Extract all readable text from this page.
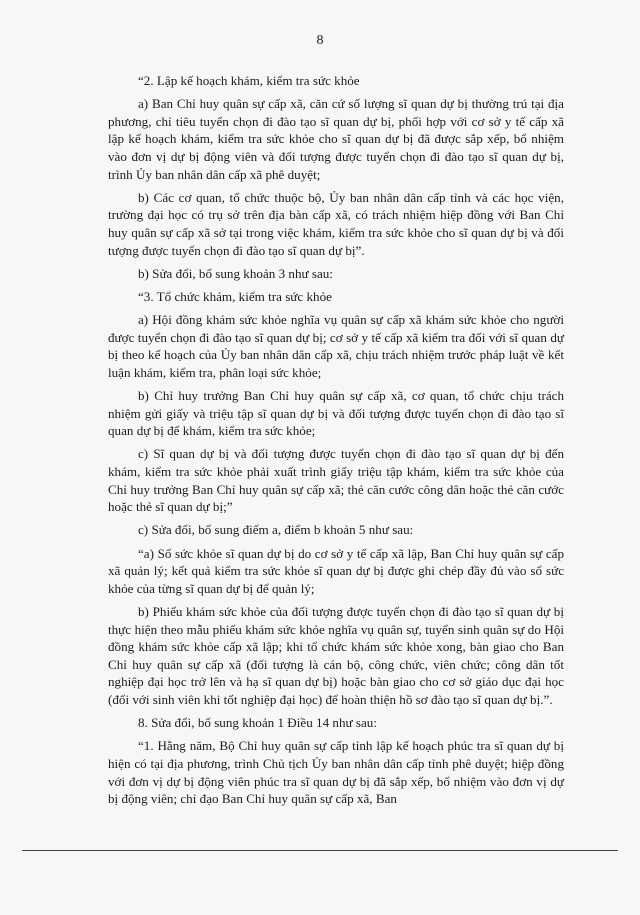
8

“2. Lập kế hoạch khám, kiểm tra sức khỏe

a) Ban Chỉ huy quân sự cấp xã, căn cứ số lượng sĩ quan dự bị thường trú tại địa phương, chỉ tiêu tuyển chọn đi đào tạo sĩ quan dự bị, phối hợp với cơ sở y tế cấp xã lập kế hoạch khám, kiểm tra sức khỏe cho sĩ quan dự bị đã được sắp xếp, bổ nhiệm vào đơn vị dự bị động viên và đối tượng được tuyển chọn đi đào tạo sĩ quan dự bị, trình Ủy ban nhân dân cấp xã phê duyệt;

b) Các cơ quan, tổ chức thuộc bộ, Ủy ban nhân dân cấp tỉnh và các học viện, trường đại học có trụ sở trên địa bàn cấp xã, có trách nhiệm hiệp đồng với Ban Chỉ huy quân sự cấp xã sở tại trong việc khám, kiểm tra sức khỏe cho sĩ quan dự bị và đối tượng được tuyển chọn đi đào tạo sĩ quan dự bị”.

b) Sửa đổi, bổ sung khoản 3 như sau:

“3. Tổ chức khám, kiểm tra sức khỏe

a) Hội đồng khám sức khỏe nghĩa vụ quân sự cấp xã khám sức khỏe cho người được tuyển chọn đi đào tạo sĩ quan dự bị; cơ sở y tế cấp xã kiểm tra đối với sĩ quan dự bị theo kế hoạch của Ủy ban nhân dân cấp xã, chịu trách nhiệm trước pháp luật về kết luận khám, kiểm tra, phân loại sức khỏe;

b) Chỉ huy trưởng Ban Chỉ huy quân sự cấp xã, cơ quan, tổ chức chịu trách nhiệm gửi giấy và triệu tập sĩ quan dự bị và đối tượng được tuyển chọn đi đào tạo sĩ quan dự bị để khám, kiểm tra sức khỏe;

c) Sĩ quan dự bị và đối tượng được tuyển chọn đi đào tạo sĩ quan dự bị đến khám, kiểm tra sức khỏe phải xuất trình giấy triệu tập khám, kiểm tra sức khỏe của Chỉ huy trưởng Ban Chỉ huy quân sự cấp xã; thẻ căn cước công dân hoặc thẻ căn cước hoặc thẻ sĩ quan dự bị;”

c) Sửa đổi, bổ sung điểm a, điểm b khoản 5 như sau:

“a) Sổ sức khỏe sĩ quan dự bị do cơ sở y tế cấp xã lập, Ban Chỉ huy quân sự cấp xã quản lý; kết quả kiểm tra sức khỏe sĩ quan dự bị được ghi chép đầy đủ vào sổ sức khỏe của từng sĩ quan dự bị để quản lý;

b) Phiếu khám sức khỏe của đối tượng được tuyển chọn đi đào tạo sĩ quan dự bị thực hiện theo mẫu phiếu khám sức khỏe nghĩa vụ quân sự, tuyển sinh quân sự do Hội đồng khám sức khỏe cấp xã lập; khi tổ chức khám sức khỏe xong, bàn giao cho Ban Chỉ huy quân sự cấp xã (đối tượng là cán bộ, công chức, viên chức; công dân tốt nghiệp đại học trở lên và hạ sĩ quan dự bị) hoặc bàn giao cho cơ sở giáo dục đại học (đối với sinh viên khi tốt nghiệp đại học) để hoàn thiện hồ sơ đào tạo sĩ quan dự bị.”.

8. Sửa đổi, bổ sung khoản 1 Điều 14 như sau:

“1. Hằng năm, Bộ Chỉ huy quân sự cấp tỉnh lập kế hoạch phúc tra sĩ quan dự bị hiện có tại địa phương, trình Chủ tịch Ủy ban nhân dân cấp tỉnh phê duyệt; hiệp đồng với đơn vị dự bị động viên phúc tra sĩ quan dự bị đã sắp xếp, bổ nhiệm vào đơn vị dự bị động viên; chỉ đạo Ban Chỉ huy quân sự cấp xã, Ban
